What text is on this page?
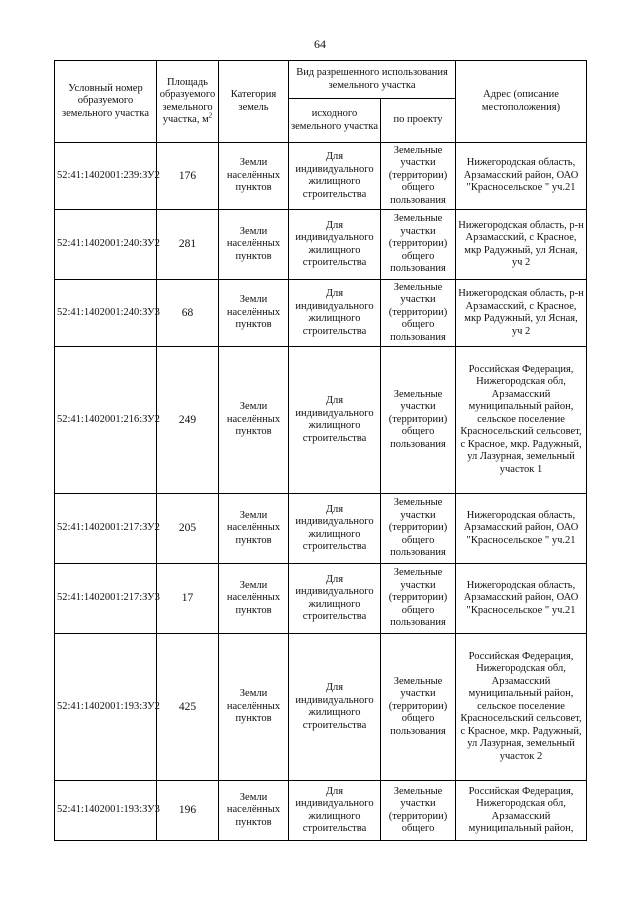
64
Условный номер образуемого земельного участка	Площадь образуемого земельного участка, $м^2$	Категория земель	Вид разрешенного использования земельного участка		Адрес (описание местоположения)
			исходного земельного участка	по проекту	
52:41:1402001:239:ЗУ2	176	Земли населённых пунктов	Для индивидуального жилищного строительства	Земельные участки (территории) общего пользования	Нижегородская область, Арзамасский район, ОАО "Красносельское " уч.21
52:41:1402001:240:ЗУ2	281	Земли населённых пунктов	Для индивидуального жилищного строительства	Земельные участки (территории) общего пользования	Нижегородская область, р-н Арзамасский, с Красное, мкр Радужный, ул Ясная, уч 2
52:41:1402001:240:ЗУ3	68	Земли населённых пунктов	Для индивидуального жилищного строительства	Земельные участки (территории) общего пользования	Нижегородская область, р-н Арзамасский, с Красное, мкр Радужный, ул Ясная, уч 2
52:41:1402001:216:ЗУ2	249	Земли населённых пунктов	Для индивидуального жилищного строительства	Земельные участки (территории) общего пользования	Российская Федерация, Нижегородская обл, Арзамасский муниципальный район, сельское поселение Красносельский сельсовет, с Красное, мкр. Радужный, ул Лазурная, земельный участок 1
52:41:1402001:217:ЗУ2	205	Земли населённых пунктов	Для индивидуального жилищного строительства	Земельные участки (территории) общего пользования	Нижегородская область, Арзамасский район, ОАО "Красносельское " уч.21
52:41:1402001:217:ЗУ3	17	Земли населённых пунктов	Для индивидуального жилищного строительства	Земельные участки (территории) общего пользования	Нижегородская область, Арзамасский район, ОАО "Красносельское " уч.21
52:41:1402001:193:ЗУ2	425	Земли населённых пунктов	Для индивидуального жилищного строительства	Земельные участки (территории) общего пользования	Российская Федерация, Нижегородская обл, Арзамасский муниципальный район, сельское поселение Красносельский сельсовет, с Красное, мкр. Радужный, ул Лазурная, земельный участок 2
52:41:1402001:193:ЗУ3	196	Земли населённых пунктов	Для индивидуального жилищного строительства	Земельные участки (территории) общего	Российская Федерация, Нижегородская обл, Арзамасский муниципальный район,
